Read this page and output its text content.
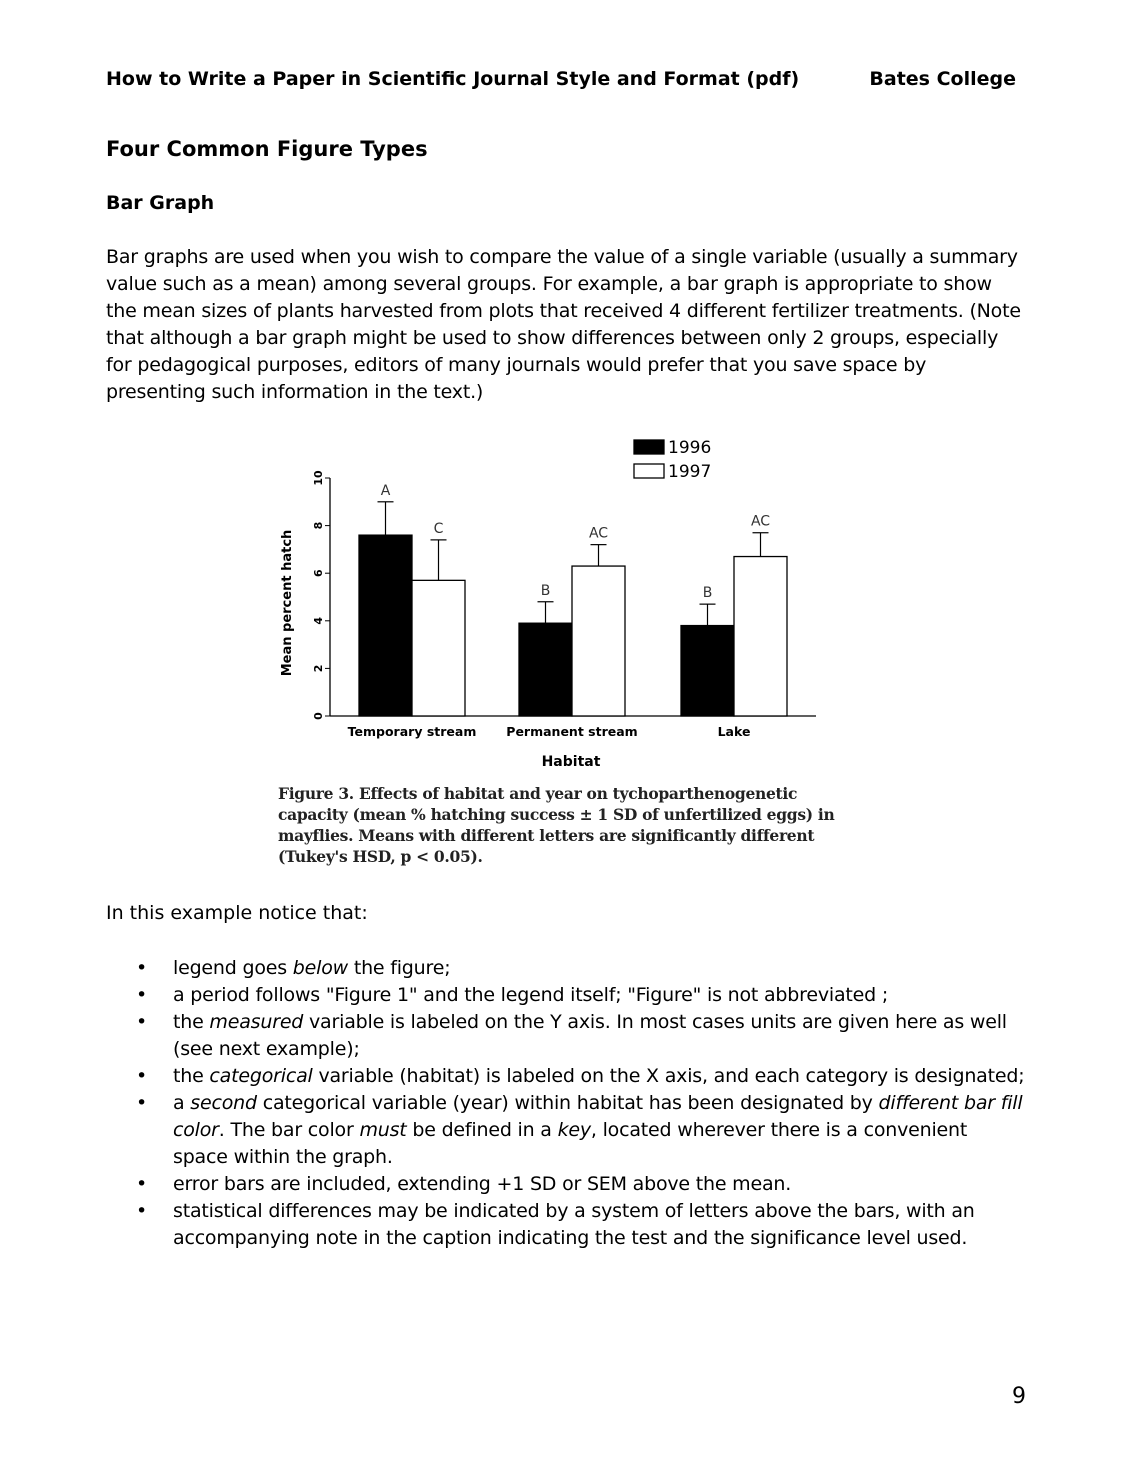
How to Write a Paper in Scientific Journal Style and Format (pdf)	Bates College
Four Common Figure Types
Bar Graph

Bar graphs are used when you wish to compare the value of a single variable (usually a summary value such as a mean) among several groups. For example, a bar graph is appropriate to show the mean sizes of plants harvested from plots that received 4 different fertilizer treatments. (Note that although a bar graph might be used to show differences between only 2 groups, especially for pedagogical purposes, editors of many journals would prefer that you save space by presenting such information in the text.)

0
2
4
6
8
10
Mean percent hatch
A
C
Temporary stream
B
AC
Permanent stream
B
AC
Lake
Habitat
1996
1997

Figure 3. Effects of habitat and year on tychoparthenogenetic capacity (mean % hatching success ± 1 SD of unfertilized eggs) in mayflies. Means with different letters are significantly different (Tukey's HSD, p < 0.05).

In this example notice that:

• legend goes below the figure;
• a period follows "Figure 1" and the legend itself; "Figure" is not abbreviated ;
• the measured variable is labeled on the Y axis. In most cases units are given here as well (see next example);
• the categorical variable (habitat) is labeled on the X axis, and each category is designated;
• a second categorical variable (year) within habitat has been designated by different bar fill color. The bar color must be defined in a key, located wherever there is a convenient space within the graph.
• error bars are included, extending +1 SD or SEM above the mean.
• statistical differences may be indicated by a system of letters above the bars, with an accompanying note in the caption indicating the test and the significance level used.
9
